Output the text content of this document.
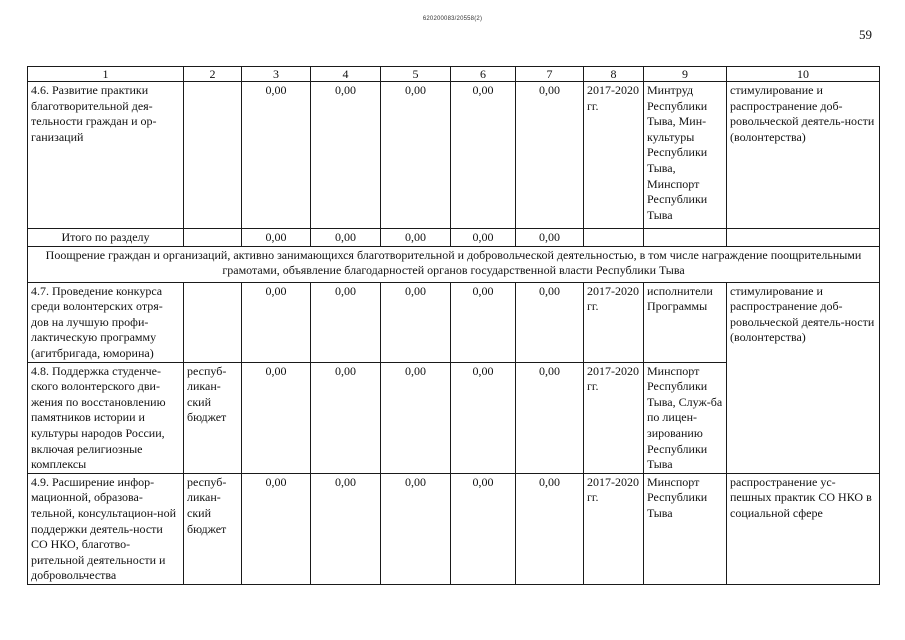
620200083/20558(2)
59
1	2	3	4	5	6	7	8	9	10
4.6. Развитие практики благотворительной дея-тельности граждан и ор-ганизаций		0,00	0,00	0,00	0,00	0,00	2017-2020 гг.	Минтруд Республики Тыва, Мин-культуры Республики Тыва, Минспорт Республики Тыва	стимулирование и распространение доб-ровольческой деятель-ности (волонтерства)
Итого по разделу		0,00	0,00	0,00	0,00	0,00			
Поощрение граждан и организаций, активно занимающихся благотворительной и добровольческой деятельностью, в том числе награждение поощрительными грамотами, объявление благодарностей органов государственной власти Республики Тыва									
4.7. Проведение конкурса среди волонтерских отря-дов на лучшую профи-лактическую программу (агитбригада, юморина)		0,00	0,00	0,00	0,00	0,00	2017-2020 гг.	исполнители Программы	стимулирование и распространение доб-ровольческой деятель-ности (волонтерства)
4.8. Поддержка студенче-ского волонтерского дви-жения по восстановлению памятников истории и культуры народов России, включая религиозные комплексы	респуб-ликан-ский бюджет	0,00	0,00	0,00	0,00	0,00	2017-2020 гг.	Минспорт Республики Тыва, Служ-ба по лицен-зированию Республики Тыва	
4.9. Расширение инфор-мационной, образова-тельной, консультацион-ной поддержки деятель-ности СО НКО, благотво-рительной деятельности и добровольчества	респуб-ликан-ский бюджет	0,00	0,00	0,00	0,00	0,00	2017-2020 гг.	Минспорт Республики Тыва	распространение ус-пешных практик СО НКО в социальной сфере
